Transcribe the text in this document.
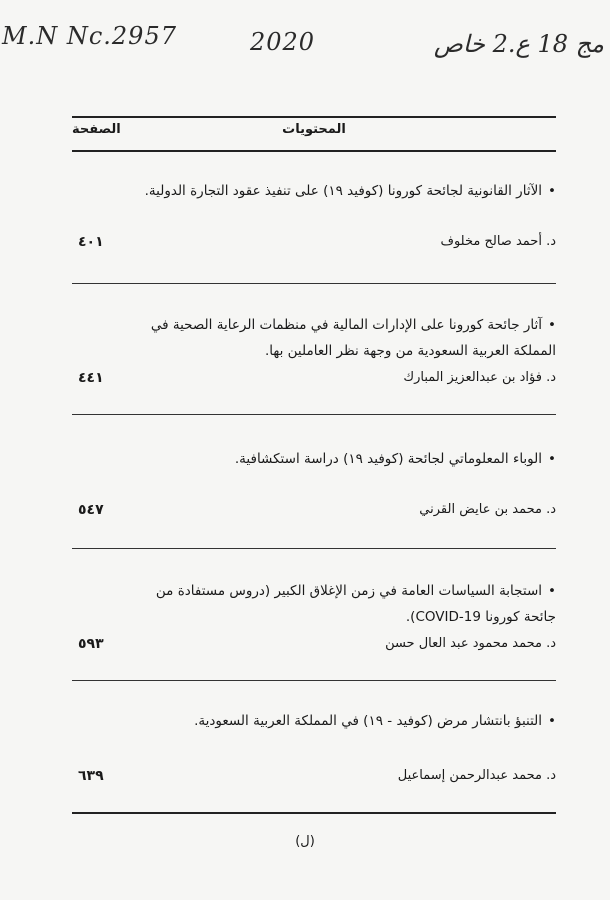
M.N Nc.2957	2020	مج 18 ع.2 خاص
المحتويات
الصفحة
•الآثار القانونية لجائحة كورونا (كوفيد ١٩) على تنفيذ عقود التجارة الدولية.
د. أحمد صالح مخلوف
٤٠١
•آثار جائحة كورونا على الإدارات المالية في منظمات الرعاية الصحية في المملكة العربية السعودية من وجهة نظر العاملين بها.
د. فؤاد بن عبدالعزيز المبارك
٤٤١
•الوباء المعلوماتي لجائحة (كوفيد ١٩) دراسة استكشافية.
د. محمد بن عايض القرني
٥٤٧
•استجابة السياسات العامة في زمن الإغلاق الكبير (دروس مستفادة من جائحة كورونا COVID-19).
د. محمد محمود عبد العال حسن
٥٩٣
•التنبؤ بانتشار مرض (كوفيد - ١٩) في المملكة العربية السعودية.
د. محمد عبدالرحمن إسماعيل
٦٣٩
(ل)
